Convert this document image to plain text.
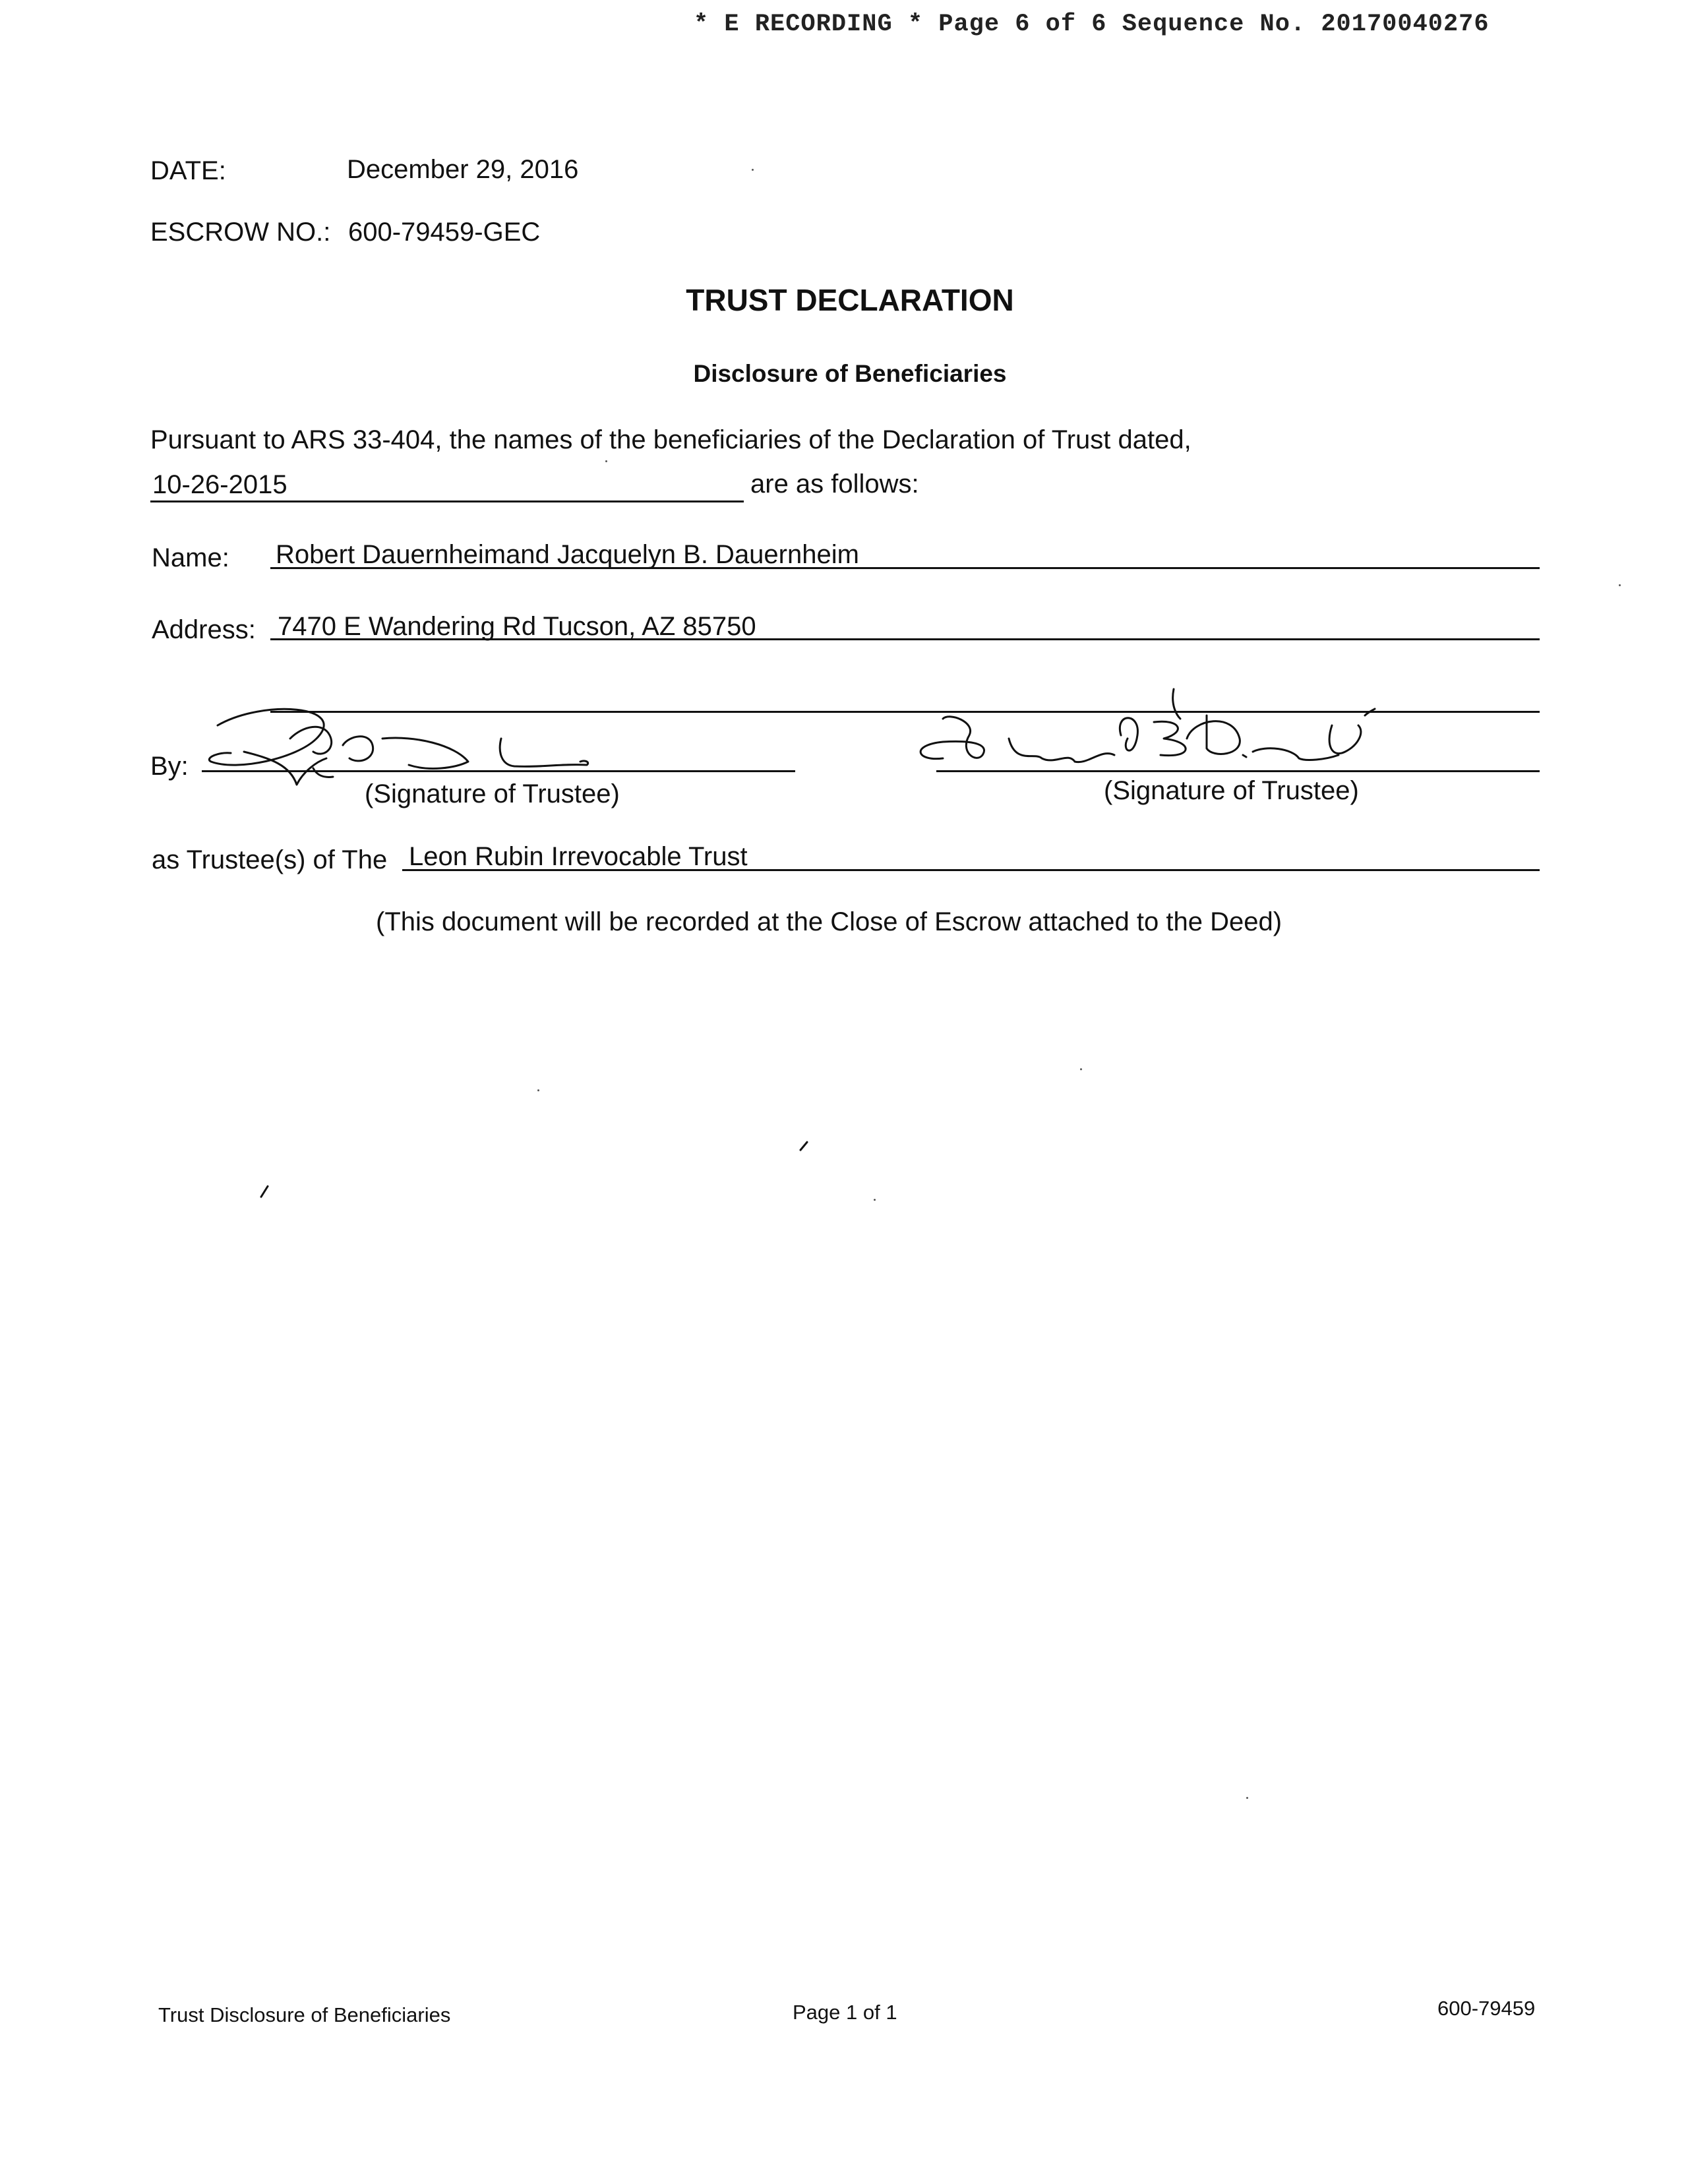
* E RECORDING * Page 6 of 6 Sequence No. 20170040276
DATE:	December 29, 2016
ESCROW NO.: 600-79459-GEC
TRUST DECLARATION
Disclosure of Beneficiaries
Pursuant to ARS 33-404, the names of the beneficiaries of the Declaration of Trust dated,
10-26-2015	are as follows:
Name: Robert Dauernheimand Jacquelyn B. Dauernheim
Address: 7470 E Wandering Rd Tucson, AZ 85750
By:
(Signature of Trustee)	(Signature of Trustee)
as Trustee(s) of The Leon Rubin Irrevocable Trust
(This document will be recorded at the Close of Escrow attached to the Deed)
Trust Disclosure of Beneficiaries	Page 1 of 1	600-79459
